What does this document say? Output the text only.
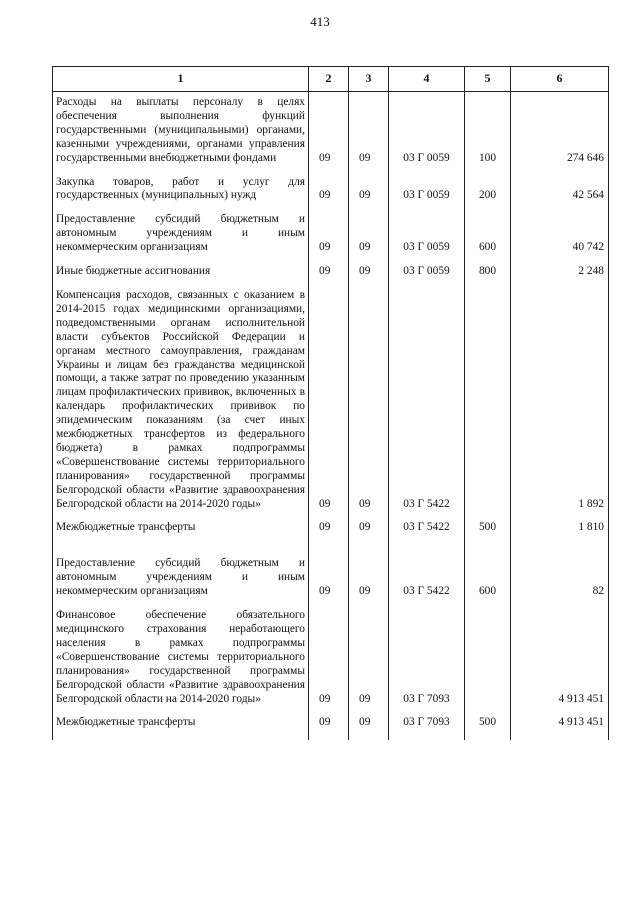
413
1	2	3	4	5	6
Расходы на выплаты персоналу в целях обеспечения выполнения функций государственными (муниципальными) органами, казенными учреждениями, органами управления государственными внебюджетными фондами	09	09	03 Г 0059	100	274 646

Закупка товаров, работ и услуг для государственных (муниципальных) нужд	09	09	03 Г 0059	200	42 564

Предоставление субсидий бюджетным и автономным учреждениям и иным некоммерческим организациям	09	09	03 Г 0059	600	40 742

Иные бюджетные ассигнования	09	09	03 Г 0059	800	2 248

Компенсация расходов, связанных с оказанием в 2014-2015 годах медицинскими организациями, подведомственными органам исполнительной власти субъектов Российской Федерации и органам местного самоуправления, гражданам Украины и лицам без гражданства медицинской помощи, а также затрат по проведению указанным лицам профилактических прививок, включенных в календарь профилактических прививок по эпидемическим показаниям (за счет иных межбюджетных трансфертов из федерального бюджета) в рамках подпрограммы «Совершенствование системы территориального планирования» государственной программы Белгородской области «Развитие здравоохранения Белгородской области на 2014-2020 годы»	09	09	03 Г 5422		1 892

Межбюджетные трансферты	09	09	03 Г 5422	500	1 810

Предоставление субсидий бюджетным и автономным учреждениям и иным некоммерческим организациям	09	09	03 Г 5422	600	82

Финансовое обеспечение обязательного медицинского страхования неработающего населения в рамках подпрограммы «Совершенствование системы территориального планирования» государственной программы Белгородской области «Развитие здравоохранения Белгородской области на 2014-2020 годы»	09	09	03 Г 7093		4 913 451

Межбюджетные трансферты	09	09	03 Г 7093	500	4 913 451
